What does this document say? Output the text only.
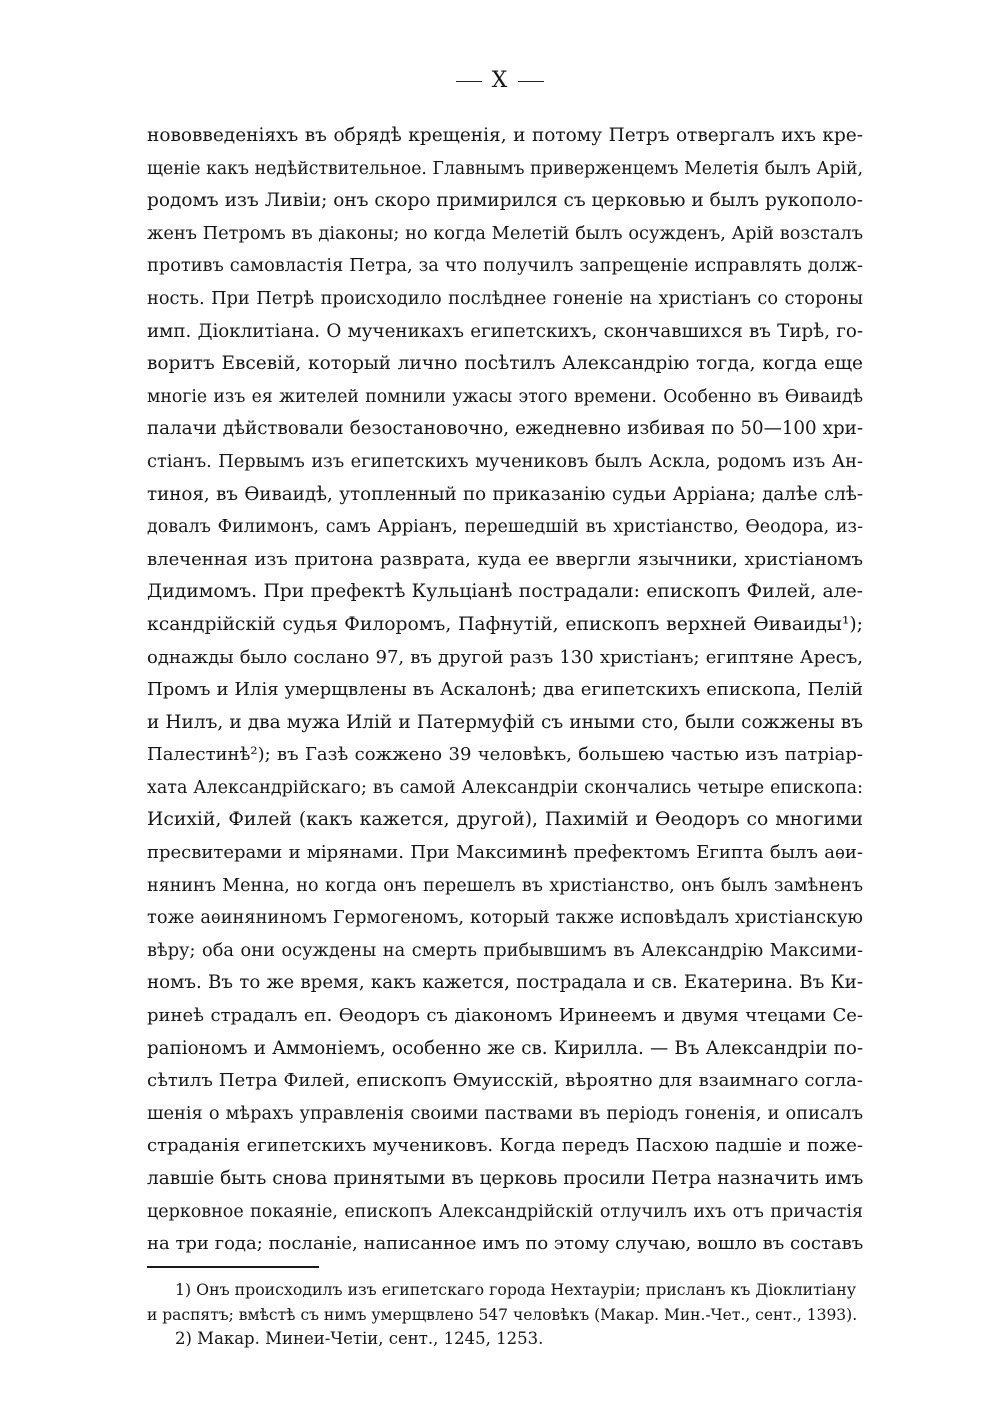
X
нововведеніяхъ въ обрядѣ крещенія, и потому Петръ отвергалъ ихъ кре-
щеніе какъ недѣйствительное. Главнымъ приверженцемъ Мелетія былъ Арій,
родомъ изъ Ливіи; онъ скоро примирился съ церковью и былъ рукополо-
женъ Петромъ въ діаконы; но когда Мелетій былъ осужденъ, Арій возсталъ
противъ самовластія Петра, за что получилъ запрещеніе исправлять долж-
ность. При Петрѣ происходило послѣднее гоненіе на христіанъ со стороны
имп. Діоклитіана. О мученикахъ египетскихъ, скончавшихся въ Тирѣ, го-
воритъ Евсевій, который лично посѣтилъ Александрію тогда, когда еще
многіе изъ ея жителей помнили ужасы этого времени. Особенно въ Ѳиваидѣ
палачи дѣйствовали безостановочно, ежедневно избивая по 50—100 хри-
стіанъ. Первымъ изъ египетскихъ мучениковъ былъ Аскла, родомъ изъ Ан-
тиноя, въ Ѳиваидѣ, утопленный по приказанію судьи Арріана; далѣе слѣ-
довалъ Филимонъ, самъ Арріанъ, перешедшій въ христіанство, Ѳеодора, из-
влеченная изъ притона разврата, куда ее ввергли язычники, христіаномъ
Дидимомъ. При префектѣ Кульціанѣ пострадали: епископъ Филей, але-
ксандрійскій судья Филоромъ, Пафнутій, епископъ верхней Ѳиваиды¹);
однажды было сослано 97, въ другой разъ 130 христіанъ; египтяне Аресъ,
Промъ и Илія умерщвлены въ Аскалонѣ; два египетскихъ епископа, Пелій
и Нилъ, и два мужа Илій и Патермуфій съ иными сто, были сожжены въ
Палестинѣ²); въ Газѣ сожжено 39 человѣкъ, большею частью изъ патріар-
хата Александрійскаго; въ самой Александріи скончались четыре епископа:
Исихій, Филей (какъ кажется, другой), Пахимій и Ѳеодоръ со многими
пресвитерами и мірянами. При Максиминѣ префектомъ Египта былъ аѳи-
нянинъ Менна, но когда онъ перешелъ въ христіанство, онъ былъ замѣненъ
тоже аѳиняниномъ Гермогеномъ, который также исповѣдалъ христіанскую
вѣру; оба они осуждены на смерть прибывшимъ въ Александрію Максими-
номъ. Въ то же время, какъ кажется, пострадала и св. Екатерина. Въ Ки-
ринеѣ страдалъ еп. Ѳеодоръ съ діакономъ Иринеемъ и двумя чтецами Се-
рапіономъ и Аммоніемъ, особенно же св. Кирилла. — Въ Александріи по-
сѣтилъ Петра Филей, епископъ Ѳмуисскій, вѣроятно для взаимнаго согла-
шенія о мѣрахъ управленія своими паствами въ періодъ гоненія, и описалъ
страданія египетскихъ мучениковъ. Когда передъ Пасхою падшіе и поже-
лавшіе быть снова принятыми въ церковь просили Петра назначить имъ
церковное покаяніе, епископъ Александрійскій отлучилъ ихъ отъ причастія
на три года; посланіе, написанное имъ по этому случаю, вошло въ составъ
1) Онъ происходилъ изъ египетскаго города Нехтауріи; присланъ къ Діоклитіану
и распятъ; вмѣстѣ съ нимъ умерщвлено 547 человѣкъ (Макар. Мин.-Чет., сент., 1393).
2) Макар. Минеи-Четіи, сент., 1245, 1253.
